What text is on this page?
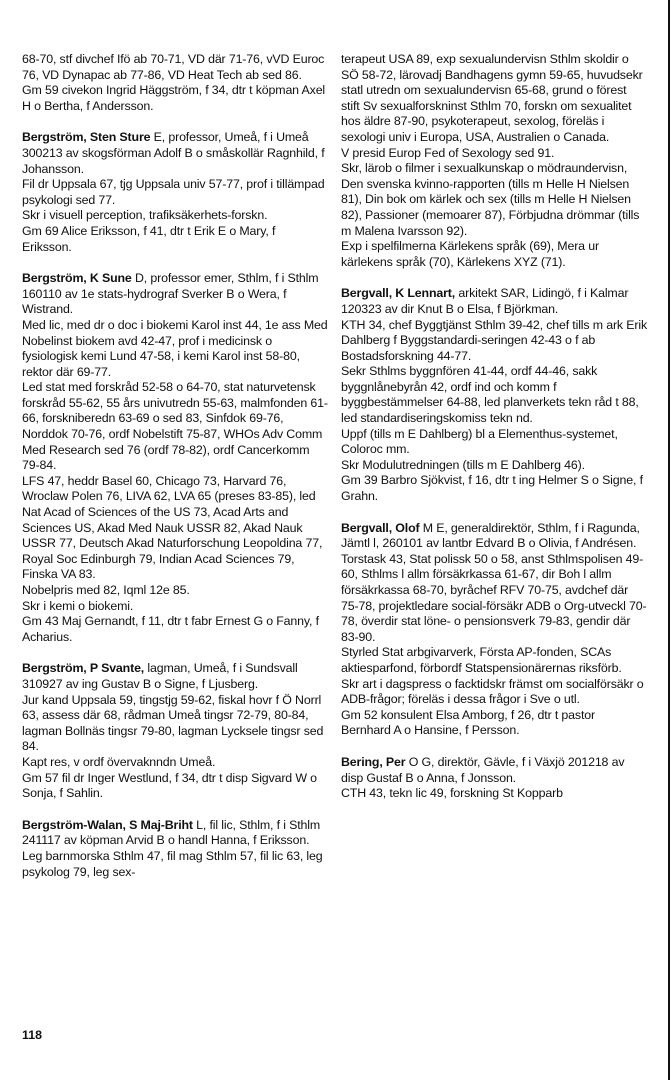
68-70, stf divchef Ifö ab 70-71, VD där 71-76, vVD Euroc 76, VD Dynapac ab 77-86, VD Heat Tech ab sed 86.
Gm 59 civekon Ingrid Häggström, f 34, dtr t köpman Axel H o Bertha, f Andersson.

Bergström, Sten Sture E, professor, Umeå, f i Umeå 300213 av skogsförman Adolf B o småskollär Ragnhild, f Johansson.
Fil dr Uppsala 67, tjg Uppsala univ 57-77, prof i tillämpad psykologi sed 77.
Skr i visuell perception, trafiksäkerhets-forskn.
Gm 69 Alice Eriksson, f 41, dtr t Erik E o Mary, f Eriksson.

Bergström, K Sune D, professor emer, Sthlm, f i Sthlm 160110 av 1e stats-hydrograf Sverker B o Wera, f Wistrand.
Med lic, med dr o doc i biokemi Karol inst 44, 1e ass Med Nobelinst biokem avd 42-47, prof i medicinsk o fysiologisk kemi Lund 47-58, i kemi Karol inst 58-80, rektor där 69-77.
Led stat med forskråd 52-58 o 64-70, stat naturvetensk forskråd 55-62, 55 års univutredn 55-63, malmfonden 61-66, forskniberedn 63-69 o sed 83, Sinfdok 69-76, Norddok 70-76, ordf Nobelstift 75-87, WHOs Adv Comm Med Research sed 76 (ordf 78-82), ordf Cancerkomm 79-84.
LFS 47, heddr Basel 60, Chicago 73, Harvard 76, Wroclaw Polen 76, LIVA 62, LVA 65 (preses 83-85), led Nat Acad of Sciences of the US 73, Acad Arts and Sciences US, Akad Med Nauk USSR 82, Akad Nauk USSR 77, Deutsch Akad Naturforschung Leopoldina 77, Royal Soc Edinburgh 79, Indian Acad Sciences 79, Finska VA 83.
Nobelpris med 82, Iqml 12e 85.
Skr i kemi o biokemi.
Gm 43 Maj Gernandt, f 11, dtr t fabr Ernest G o Fanny, f Acharius.

Bergström, P Svante, lagman, Umeå, f i Sundsvall 310927 av ing Gustav B o Signe, f Ljusberg.
Jur kand Uppsala 59, tingstjg 59-62, fiskal hovr f Ö Norrl 63, assess där 68, rådman Umeå tingsr 72-79, 80-84, lagman Bollnäs tingsr 79-80, lagman Lycksele tingsr sed 84.
Kapt res, v ordf övervaknndn Umeå.
Gm 57 fil dr Inger Westlund, f 34, dtr t disp Sigvard W o Sonja, f Sahlin.

Bergström-Walan, S Maj-Briht L, fil lic, Sthlm, f i Sthlm 241117 av köpman Arvid B o handl Hanna, f Eriksson.
Leg barnmorska Sthlm 47, fil mag Sthlm 57, fil lic 63, leg psykolog 79, leg sex-

terapeut USA 89, exp sexualundervisn Sthlm skoldir o SÖ 58-72, lärovadj Bandhagens gymn 59-65, huvudsekr statl utredn om sexualundervisn 65-68, grund o förest stift Sv sexualforskninst Sthlm 70, forskn om sexualitet hos äldre 87-90, psykoterapeut, sexolog, föreläs i sexologi univ i Europa, USA, Australien o Canada.
V presid Europ Fed of Sexology sed 91.
Skr, lärob o filmer i sexualkunskap o mödraundervisn, Den svenska kvinno-rapporten (tills m Helle H Nielsen 81), Din bok om kärlek och sex (tills m Helle H Nielsen 82), Passioner (memoarer 87), Förbjudna drömmar (tills m Malena Ivarsson 92).
Exp i spelfilmerna Kärlekens språk (69), Mera ur kärlekens språk (70), Kärlekens XYZ (71).

Bergvall, K Lennart, arkitekt SAR, Lidingö, f i Kalmar 120323 av dir Knut B o Elsa, f Björkman.
KTH 34, chef Byggtjänst Sthlm 39-42, chef tills m ark Erik Dahlberg f Byggstandardi-seringen 42-43 o f ab Bostadsforskning 44-77.
Sekr Sthlms byggnfören 41-44, ordf 44-46, sakk byggnlånebyrån 42, ordf ind och komm f byggbestämmelser 64-88, led planverkets tekn råd t 88, led standardiseringskomiss tekn nd.
Uppf (tills m E Dahlberg) bl a Elementhus-systemet, Coloroc mm.
Skr Modulutredningen (tills m E Dahlberg 46).
Gm 39 Barbro Sjökvist, f 16, dtr t ing Helmer S o Signe, f Grahn.

Bergvall, Olof M E, generaldirektör, Sthlm, f i Ragunda, Jämtl l, 260101 av lantbr Edvard B o Olivia, f Andrésen.
Torstask 43, Stat polissk 50 o 58, anst Sthlmspolisen 49-60, Sthlms l allm försäkrkassa 61-67, dir Boh l allm försäkrkassa 68-70, byråchef RFV 70-75, avdchef där 75-78, projektledare social-försäkr ADB o Org-utveckl 70-78, överdir stat löne- o pensionsverk 79-83, gendir där 83-90.
Styrled Stat arbgivarverk, Första AP-fonden, SCAs aktiesparfond, förbordf Statspensionärernas riksförb.
Skr art i dagspress o facktidskr främst om socialförsäkr o ADB-frågor; föreläs i dessa frågor i Sve o utl.
Gm 52 konsulent Elsa Amborg, f 26, dtr t pastor Bernhard A o Hansine, f Persson.

Bering, Per O G, direktör, Gävle, f i Växjö 201218 av disp Gustaf B o Anna, f Jonsson.
CTH 43, tekn lic 49, forskning St Kopparb

118
